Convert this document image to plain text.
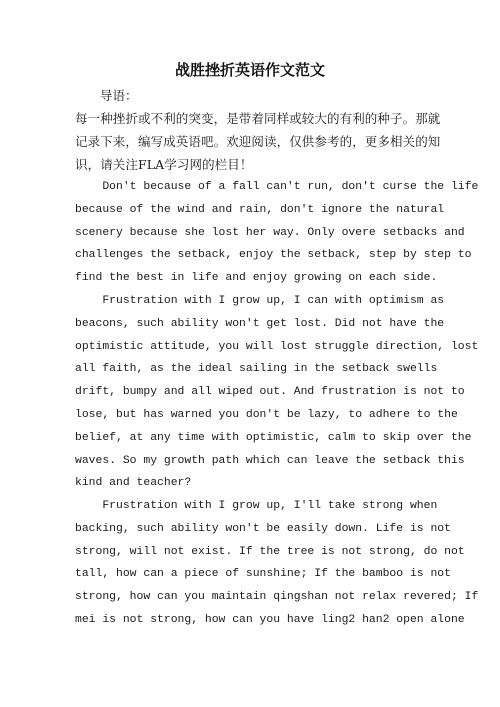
战胜挫折英语作文范文
导语：
每一种挫折或不利的突变，是带着同样或较大的有利的种子。那就
记录下来，编写成英语吧。欢迎阅读，仅供参考的，更多相关的知
识，请关注FLA学习网的栏目！
Don't because of a fall can't run, don't curse the life
because of the wind and rain, don't ignore the natural
scenery because she lost her way. Only overe setbacks and
challenges the setback, enjoy the setback, step by step to
find the best in life and enjoy growing on each side.
Frustration with I grow up, I can with optimism as
beacons, such ability won't get lost. Did not have the
optimistic attitude, you will lost struggle direction, lost
all faith, as the ideal sailing in the setback swells
drift, bumpy and all wiped out. And frustration is not to
lose, but has warned you don't be lazy, to adhere to the
belief, at any time with optimistic, calm to skip over the
waves. So my growth path which can leave the setback this
kind and teacher?
Frustration with I grow up, I'll take strong when
backing, such ability won't be easily down. Life is not
strong, will not exist. If the tree is not strong, do not
tall, how can a piece of sunshine; If the bamboo is not
strong, how can you maintain qingshan not relax revered; If
mei is not strong, how can you have ling2 han2 open alone
